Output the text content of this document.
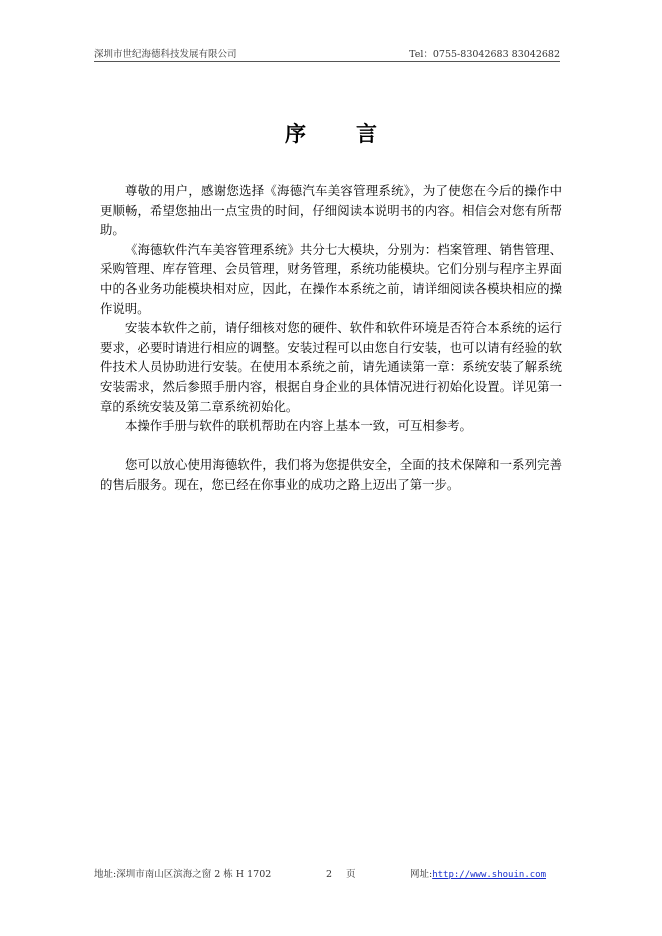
深圳市世纪海德科技发展有限公司	Tel：0755-83042683 83042682
序言

尊敬的用户，感谢您选择《海德汽车美容管理系统》，为了使您在今后的操作中更顺畅，希望您抽出一点宝贵的时间，仔细阅读本说明书的内容。相信会对您有所帮助。

《海德软件汽车美容管理系统》共分七大模块，分别为：档案管理、销售管理、采购管理、库存管理、会员管理，财务管理，系统功能模块。它们分别与程序主界面中的各业务功能模块相对应，因此，在操作本系统之前，请详细阅读各模块相应的操作说明。

安装本软件之前，请仔细核对您的硬件、软件和软件环境是否符合本系统的运行要求，必要时请进行相应的调整。安装过程可以由您自行安装，也可以请有经验的软件技术人员协助进行安装。在使用本系统之前，请先通读第一章：系统安装了解系统安装需求，然后参照手册内容，根据自身企业的具体情况进行初始化设置。详见第一章的系统安装及第二章系统初始化。

本操作手册与软件的联机帮助在内容上基本一致，可互相参考。

您可以放心使用海德软件，我们将为您提供安全，全面的技术保障和一系列完善的售后服务。现在，您已经在你事业的成功之路上迈出了第一步。

地址:深圳市南山区滨海之窗 2 栋 H 1702	2 页	网址:http://www.shouin.com
